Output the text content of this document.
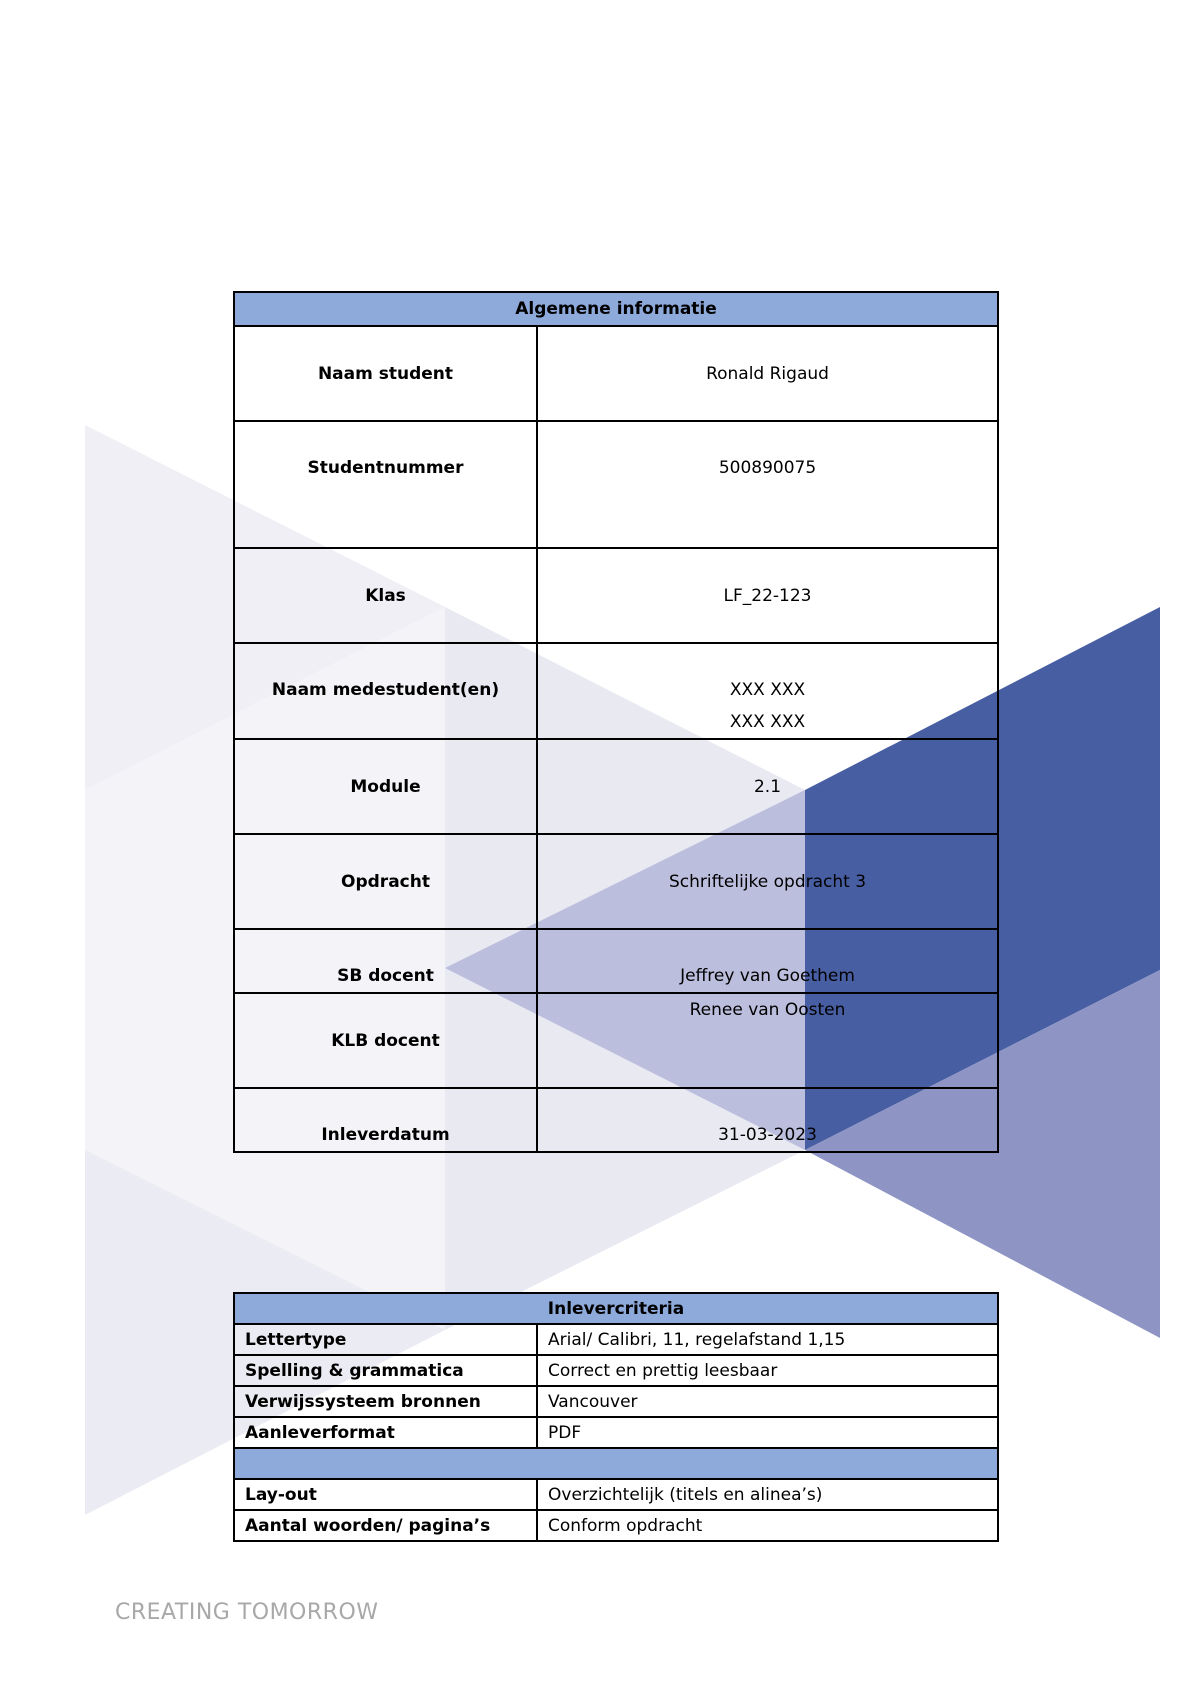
Algemene informatie	
Naam student	Ronald Rigaud
Studentnummer	500890075
Klas	LF_22-123
Naam medestudent(en)	XXX XXX
XXX XXX

Module	2.1
Opdracht	Schriftelijke opdracht 3
SB docent	Jeffrey van Goethem
KLB docent	Renee van Oosten
Inleverdatum	31-03-2023
Inlevercriteria	
Lettertype	Arial/ Calibri, 11, regelafstand 1,15
Spelling & grammatica	Correct en prettig leesbaar
Verwijssysteem bronnen	Vancouver
Aanleverformat	PDF

Lay-out	Overzichtelijk (titels en alinea’s)
Aantal woorden/ pagina’s	Conform opdracht
CREATING TOMORROW
